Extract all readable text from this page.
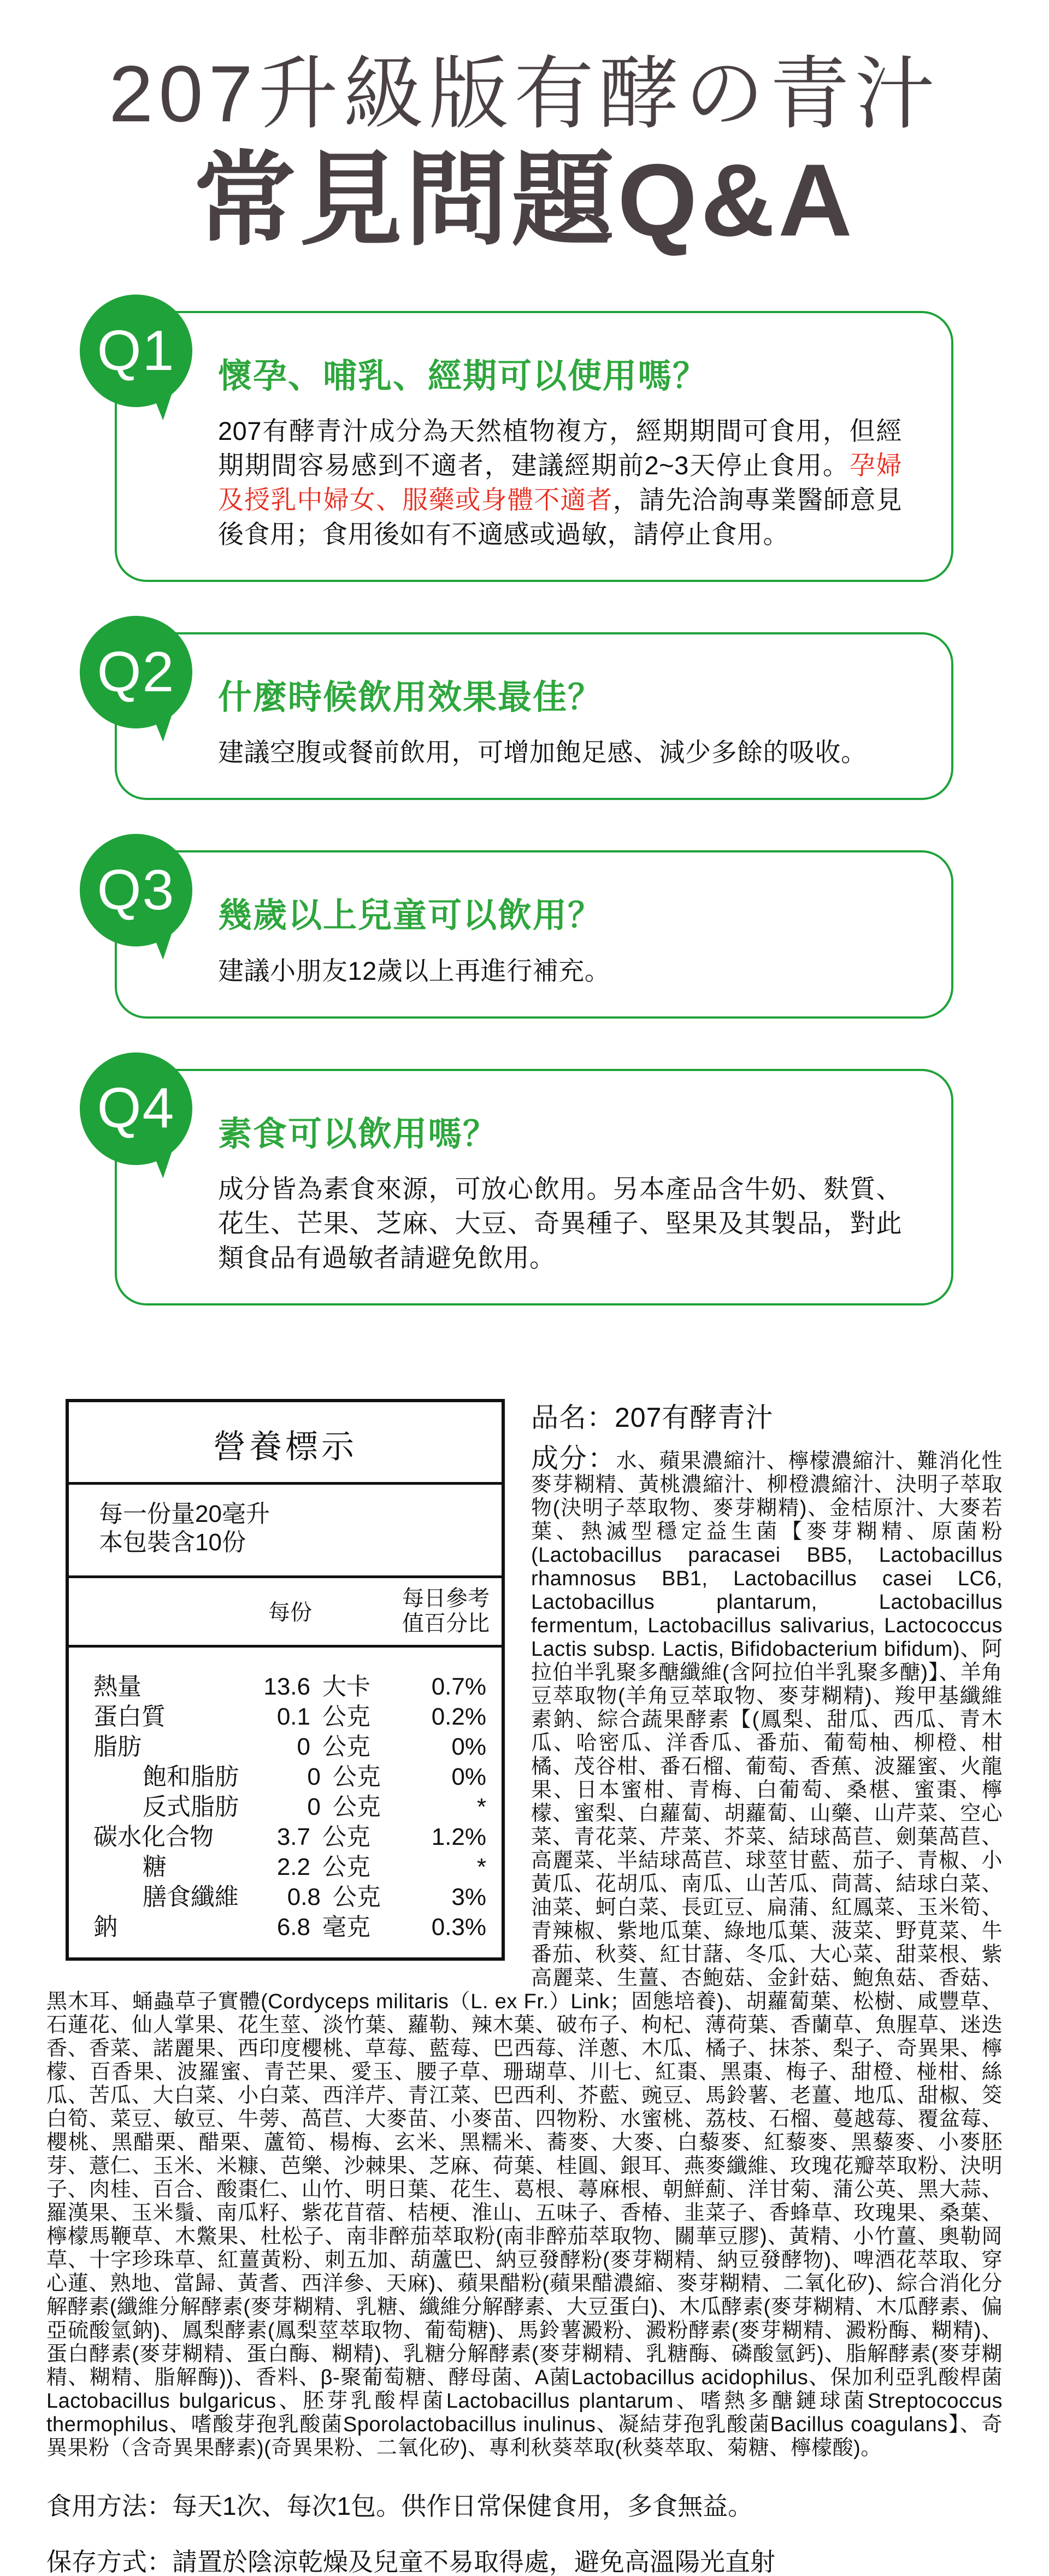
207升級版有酵の青汁
常見問題Q&A
Q1	懷孕、哺乳、經期可以使用嗎？
207有酵青汁成分為天然植物複方，經期期間可食用，但經期期間容易感到不適者，建議經期前2~3天停止食用。孕婦及授乳中婦女、服藥或身體不適者，請先洽詢專業醫師意見後食用；食用後如有不適感或過敏，請停止食用。
Q2	什麼時候飲用效果最佳？
建議空腹或餐前飲用，可增加飽足感、減少多餘的吸收。
Q3	幾歲以上兒童可以飲用？
建議小朋友12歲以上再進行補充。
Q4	素食可以飲用嗎？
成分皆為素食來源，可放心飲用。另本產品含牛奶、麩質、花生、芒果、芝麻、大豆、奇異種子、堅果及其製品，對此類食品有過敏者請避免飲用。
營養標示
每一份量20毫升
本包裝含10份
每份
每日參考
值百分比
熱量	13.6 大卡	0.7%
蛋白質	0.1 公克	0.2%
脂肪	0 公克	0%
飽和脂肪	0 公克	0%
反式脂肪	0 公克	*
碳水化合物	3.7 公克	1.2%
糖	2.2 公克	*
膳食纖維	0.8 公克	3%
鈉	6.8 毫克	0.3%
品名：207有酵青汁
成分：水、蘋果濃縮汁、檸檬濃縮汁、難消化性麥芽糊精、黃桃濃縮汁、柳橙濃縮汁、決明子萃取物(決明子萃取物、麥芽糊精)、金桔原汁、大麥若葉、熱滅型穩定益生菌【麥芽糊精、原菌粉(Lactobacillus paracasei BB5, Lactobacillus rhamnosus BB1, Lactobacillus casei LC6, Lactobacillus plantarum, Lactobacillus fermentum, Lactobacillus salivarius, Lactococcus Lactis subsp. Lactis, Bifidobacterium bifidum)、阿拉伯半乳聚多醣纖維(含阿拉伯半乳聚多醣)】、羊角豆萃取物(羊角豆萃取物、麥芽糊精)、羧甲基纖維素鈉、綜合蔬果酵素【(鳳梨、甜瓜、西瓜、青木瓜、哈密瓜、洋香瓜、番茄、葡萄柚、柳橙、柑橘、茂谷柑、番石榴、葡萄、香蕉、波羅蜜、火龍果、日本蜜柑、青梅、白葡萄、桑椹、蜜棗、檸檬、蜜梨、白蘿蔔、胡蘿蔔、山藥、山芹菜、空心菜、青花菜、芹菜、芥菜、結球萵苣、劍葉萵苣、高麗菜、半結球萵苣、球莖甘藍、茄子、青椒、小黃瓜、花胡瓜、南瓜、山苦瓜、茼蒿、結球白菜、油菜、蚵白菜、長豇豆、扁蒲、紅鳳菜、玉米筍、青辣椒、紫地瓜葉、綠地瓜葉、菠菜、野莧菜、牛番茄、秋葵、紅甘藷、冬瓜、大心菜、甜菜根、紫高麗菜、生薑、杏鮑菇、金針菇、鮑魚菇、香菇、黑木耳、蛹蟲草子實體(Cordyceps militaris（L. ex Fr.）Link；固態培養)、胡蘿蔔葉、松樹、咸豐草、石蓮花、仙人掌果、花生莖、淡竹葉、蘿勒、辣木葉、破布子、枸杞、薄荷葉、香蘭草、魚腥草、迷迭香、香菜、諾麗果、西印度櫻桃、草莓、藍莓、巴西莓、洋蔥、木瓜、橘子、抹茶、梨子、奇異果、檸檬、百香果、波羅蜜、青芒果、愛玉、腰子草、珊瑚草、川七、紅棗、黑棗、梅子、甜橙、椪柑、絲瓜、苦瓜、大白菜、小白菜、西洋芹、青江菜、巴西利、芥藍、豌豆、馬鈴薯、老薑、地瓜、甜椒、筊白筍、菜豆、敏豆、牛蒡、萵苣、大麥苗、小麥苗、四物粉、水蜜桃、荔枝、石榴、蔓越莓、覆盆莓、櫻桃、黑醋栗、醋栗、蘆筍、楊梅、玄米、黑糯米、蕎麥、大麥、白藜麥、紅藜麥、黑藜麥、小麥胚芽、薏仁、玉米、米糠、芭樂、沙棘果、芝麻、荷葉、桂圓、銀耳、燕麥纖維、玫瑰花瓣萃取粉、決明子、肉桂、百合、酸棗仁、山竹、明日葉、花生、葛根、蕁麻根、朝鮮薊、洋甘菊、蒲公英、黑大蒜、羅漢果、玉米鬚、南瓜籽、紫花苜蓿、桔梗、淮山、五味子、香椿、韭菜子、香蜂草、玫瑰果、桑葉、檸檬馬鞭草、木鱉果、杜松子、南非醉茄萃取粉(南非醉茄萃取物、關華豆膠)、黃精、小竹薑、奧勒岡草、十字珍珠草、紅薑黃粉、刺五加、葫蘆巴、納豆發酵粉(麥芽糊精、納豆發酵物)、啤酒花萃取、穿心蓮、熟地、當歸、黃耆、西洋參、天麻)、蘋果醋粉(蘋果醋濃縮、麥芽糊精、二氧化矽)、綜合消化分解酵素(纖維分解酵素(麥芽糊精、乳糖、纖維分解酵素、大豆蛋白)、木瓜酵素(麥芽糊精、木瓜酵素、偏亞硫酸氫鈉)、鳳梨酵素(鳳梨莖萃取物、葡萄糖)、馬鈴薯澱粉、澱粉酵素(麥芽糊精、澱粉酶、糊精)、蛋白酵素(麥芽糊精、蛋白酶、糊精)、乳糖分解酵素(麥芽糊精、乳糖酶、磷酸氫鈣)、脂解酵素(麥芽糊精、糊精、脂解酶))、香料、β-聚葡萄糖、酵母菌、A菌Lactobacillus acidophilus、保加利亞乳酸桿菌Lactobacillus bulgaricus、胚芽乳酸桿菌Lactobacillus plantarum、嗜熱多醣鏈球菌Streptococcus thermophilus、嗜酸芽孢乳酸菌Sporolactobacillus inulinus、凝結芽孢乳酸菌Bacillus coagulans】、奇異果粉（含奇異果酵素)(奇異果粉、二氧化矽)、專利秋葵萃取(秋葵萃取、菊糖、檸檬酸)。
食用方法：每天1次、每次1包。供作日常保健食用，多食無益。
保存方式：請置於陰涼乾燥及兒童不易取得處，避免高溫陽光直射
